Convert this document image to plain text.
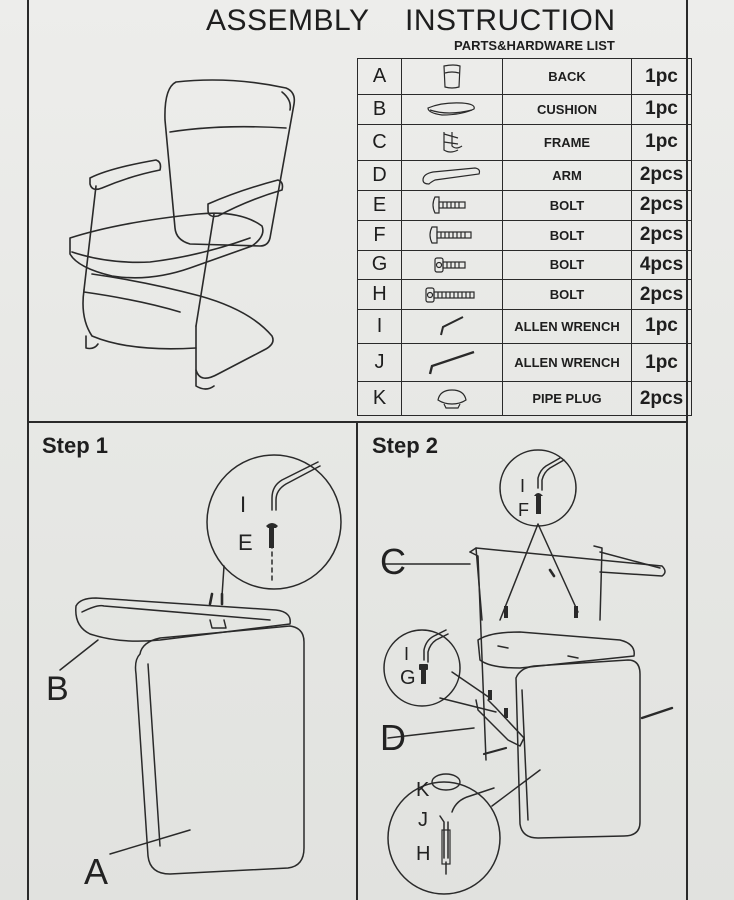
ASSEMBLY INSTRUCTION
PARTS&HARDWARE LIST
A		BACK	1pc
B		CUSHION	1pc
C		FRAME	1pc
D		ARM	2pcs
E		BOLT	2pcs
F		BOLT	2pcs
G		BOLT	4pcs
H		BOLT	2pcs
I		ALLEN WRENCH	1pc
J		ALLEN WRENCH	1pc
K		PIPE PLUG	2pcs
Step 1	Step 2
I
E
B
A
I
F
C
I
G
D
K
J
H
